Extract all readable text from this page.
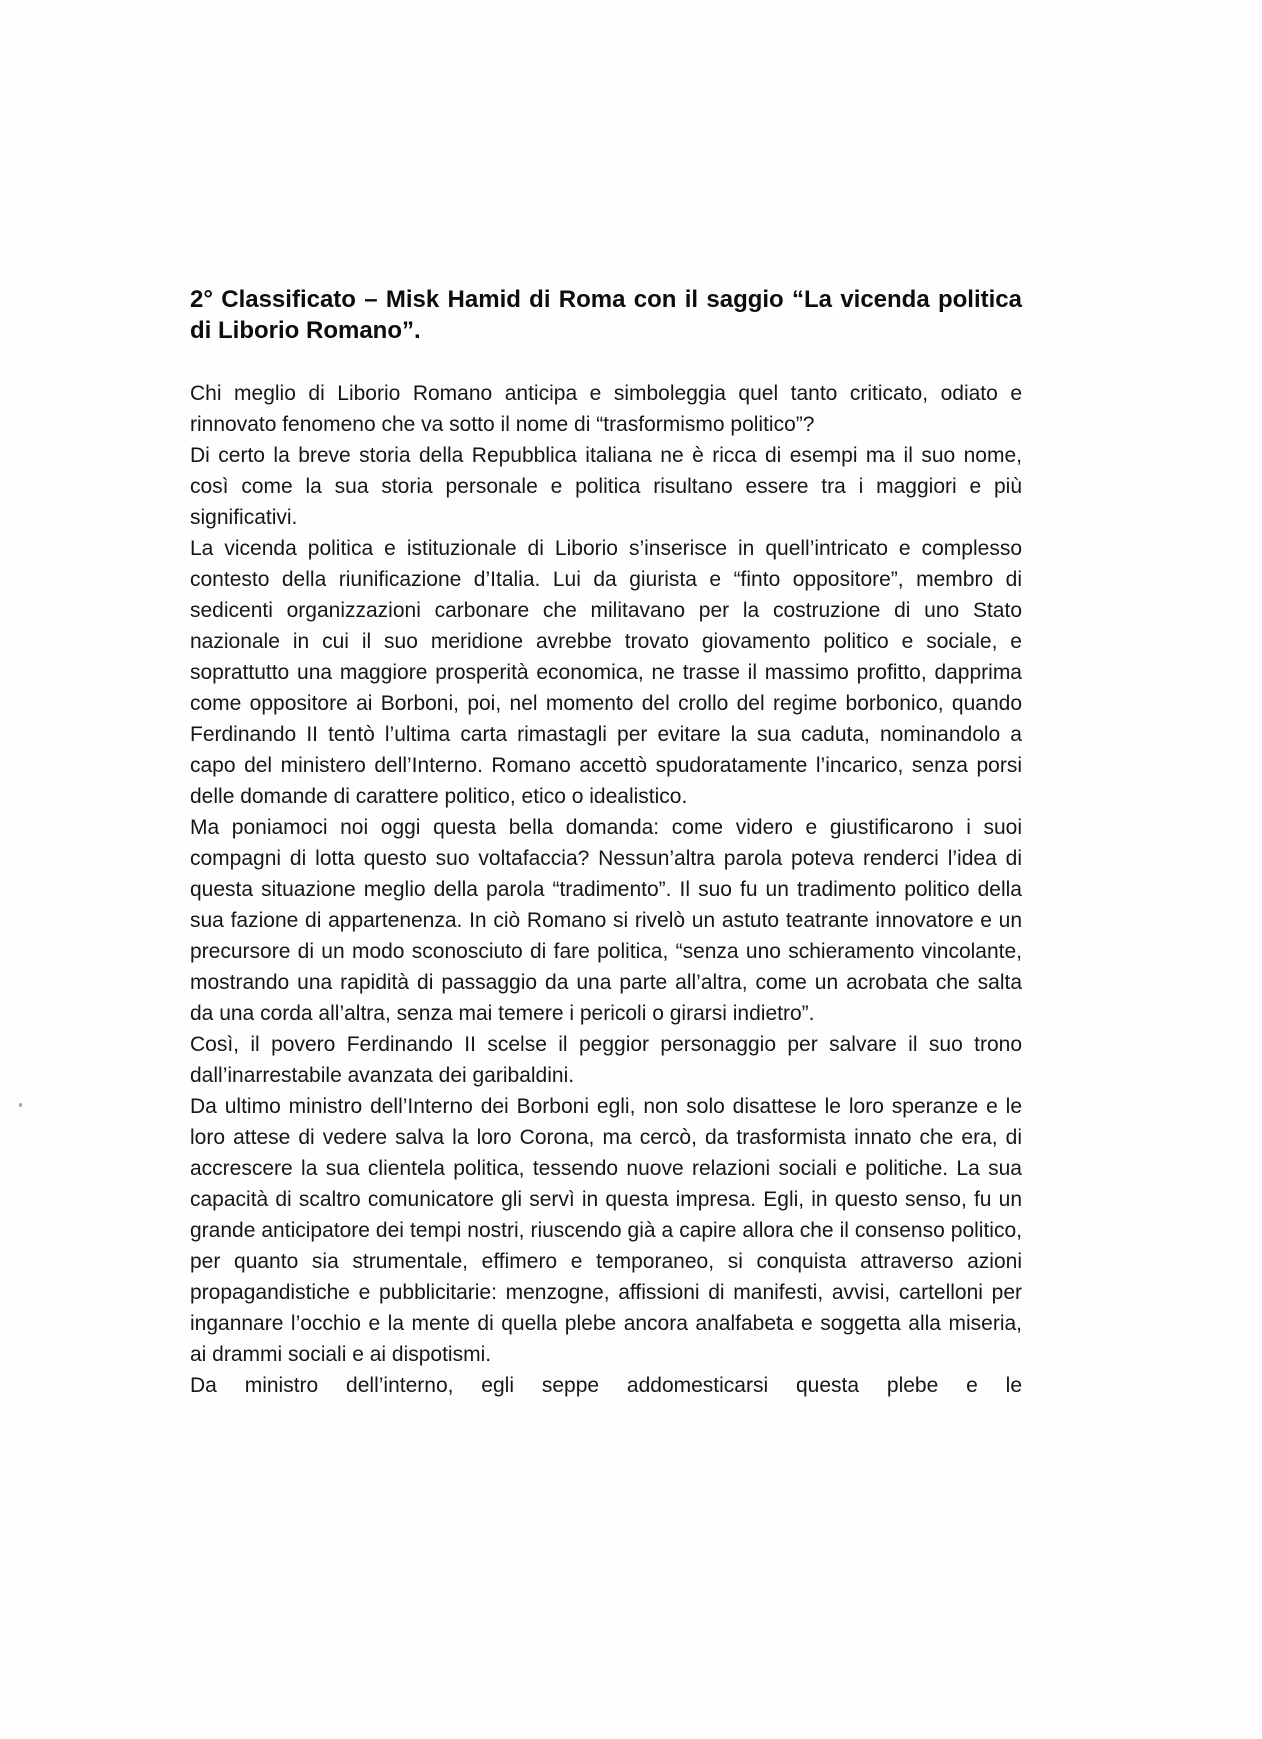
2° Classificato – Misk Hamid di Roma con il saggio “La vicenda politica di Liborio Romano”.

Chi meglio di Liborio Romano anticipa e simboleggia quel tanto criticato, odiato e rinnovato fenomeno che va sotto il nome di “trasformismo politico”?

Di certo la breve storia della Repubblica italiana ne è ricca di esempi ma il suo nome, così come la sua storia personale e politica risultano essere tra i maggiori e più significativi.

La vicenda politica e istituzionale di Liborio s’inserisce in quell’intricato e complesso contesto della riunificazione d’Italia. Lui da giurista e “finto oppositore”, membro di sedicenti organizzazioni carbonare che militavano per la costruzione di uno Stato nazionale in cui il suo meridione avrebbe trovato giovamento politico e sociale, e soprattutto una maggiore prosperità economica, ne trasse il massimo profitto, dapprima come oppositore ai Borboni, poi, nel momento del crollo del regime borbonico, quando Ferdinando II tentò l’ultima carta rimastagli per evitare la sua caduta, nominandolo a capo del ministero dell’Interno. Romano accettò spudoratamente l’incarico, senza porsi delle domande di carattere politico, etico o idealistico.

Ma poniamoci noi oggi questa bella domanda: come videro e giustificarono i suoi compagni di lotta questo suo voltafaccia? Nessun’altra parola poteva renderci l’idea di questa situazione meglio della parola “tradimento”. Il suo fu un tradimento politico della sua fazione di appartenenza. In ciò Romano si rivelò un astuto teatrante innovatore e un precursore di un modo sconosciuto di fare politica, “senza uno schieramento vincolante, mostrando una rapidità di passaggio da una parte all’altra, come un acrobata che salta da una corda all’altra, senza mai temere i pericoli o girarsi indietro”.

Così, il povero Ferdinando II scelse il peggior personaggio per salvare il suo trono dall’inarrestabile avanzata dei garibaldini.

Da ultimo ministro dell’Interno dei Borboni egli, non solo disattese le loro speranze e le loro attese di vedere salva la loro Corona, ma cercò, da trasformista innato che era, di accrescere la sua clientela politica, tessendo nuove relazioni sociali e politiche. La sua capacità di scaltro comunicatore gli servì in questa impresa. Egli, in questo senso, fu un grande anticipatore dei tempi nostri, riuscendo già a capire allora che il consenso politico, per quanto sia strumentale, effimero e temporaneo, si conquista attraverso azioni propagandistiche e pubblicitarie: menzogne, affissioni di manifesti, avvisi, cartelloni per ingannare l’occhio e la mente di quella plebe ancora analfabeta e soggetta alla miseria, ai drammi sociali e ai dispotismi.

Da ministro dell’interno, egli seppe addomesticarsi questa plebe e le
